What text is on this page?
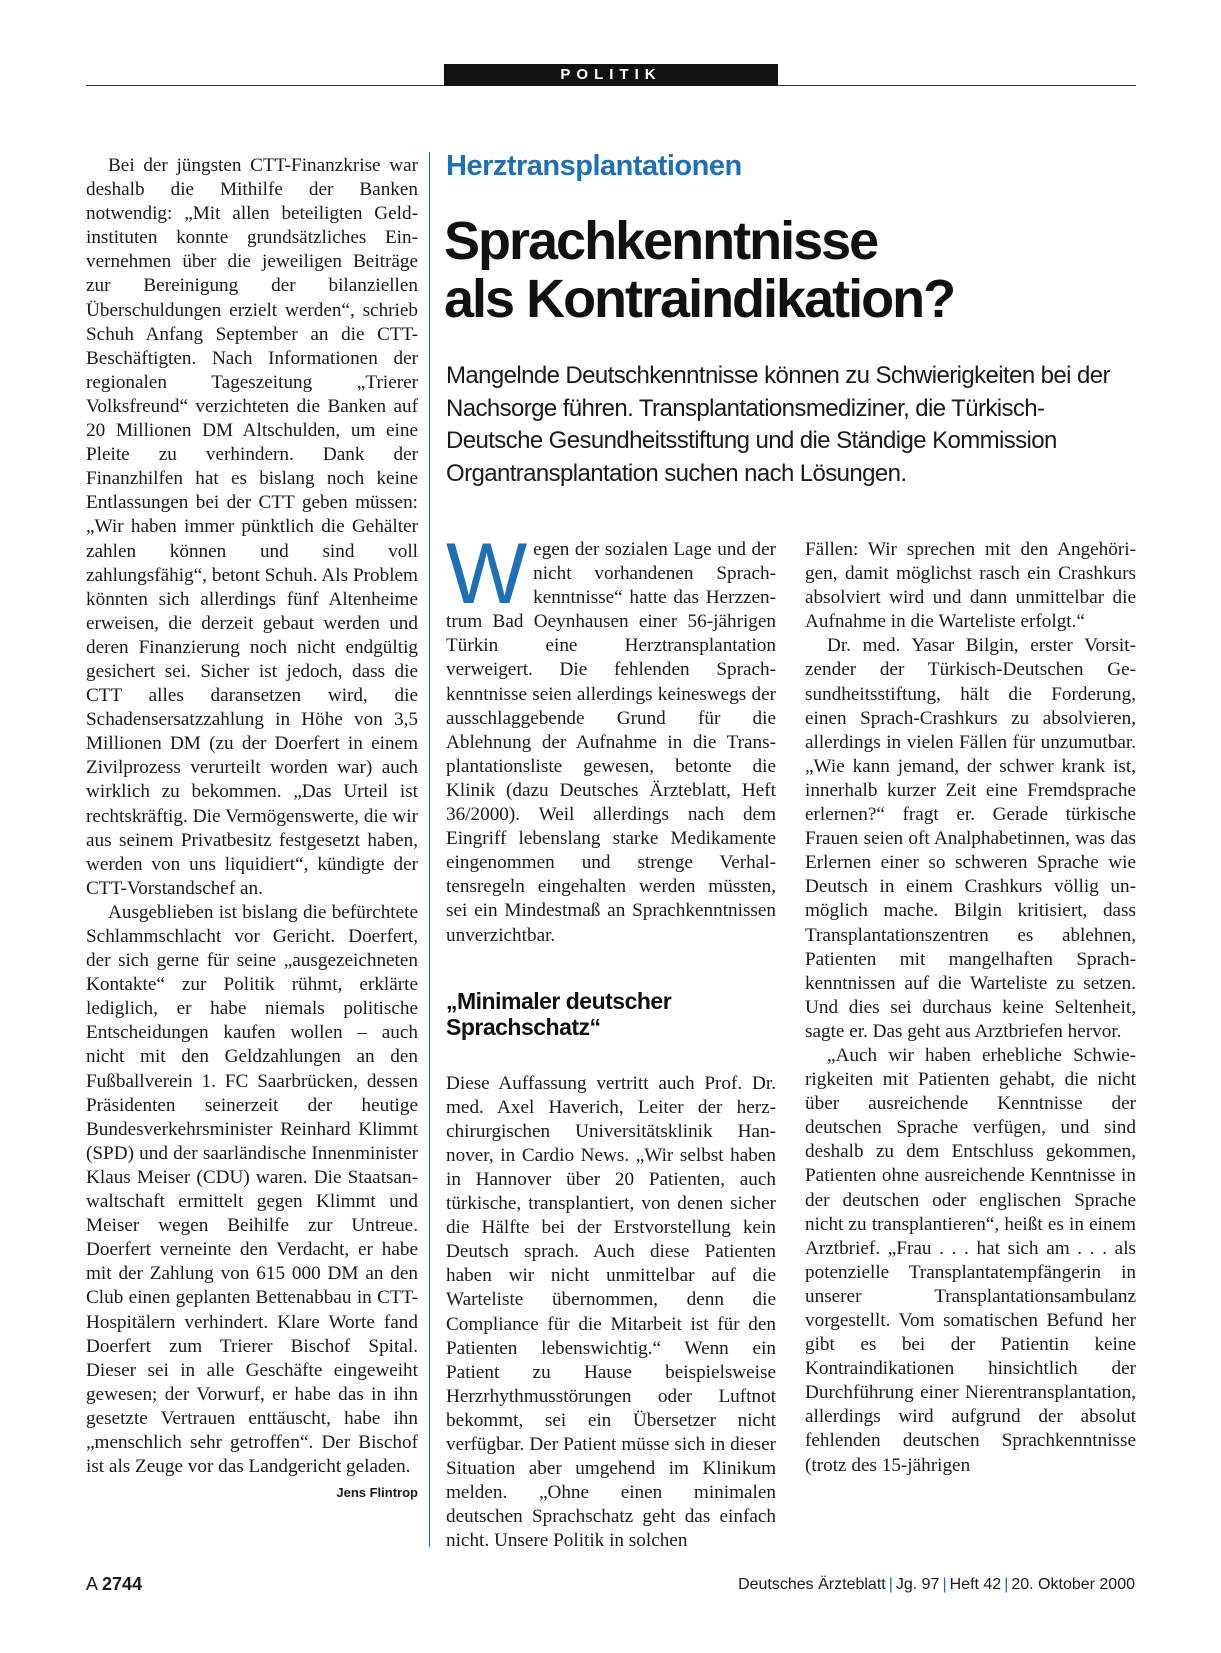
POLITIK

Bei der jüngsten CTT-Finanzkrise war deshalb die Mithilfe der Banken notwendig: „Mit allen beteiligten Geldinstituten konnte grundsätzliches Einvernehmen über die jeweiligen Beiträge zur Bereinigung der bilanziellen Überschuldungen erzielt werden“, schrieb Schuh Anfang September an die CTT-Beschäftigten. Nach Informationen der regionalen Tageszeitung „Trierer Volksfreund“ verzichteten die Banken auf 20 Millionen DM Altschulden, um eine Pleite zu verhindern. Dank der Finanzhilfen hat es bislang noch keine Entlassungen bei der CTT geben müssen: „Wir haben immer pünktlich die Gehälter zahlen können und sind voll zahlungsfähig“, betont Schuh. Als Problem könnten sich allerdings fünf Altenheime erweisen, die derzeit gebaut werden und deren Finanzierung noch nicht endgültig gesichert sei. Sicher ist jedoch, dass die CTT alles daransetzen wird, die Schadensersatzzahlung in Höhe von 3,5 Millionen DM (zu der Doerfert in einem Zivilprozess verurteilt worden war) auch wirklich zu bekommen. „Das Urteil ist rechtskräftig. Die Vermögenswerte, die wir aus seinem Privatbesitz festgesetzt haben, werden von uns liquidiert“, kündigte der CTT-Vorstandschef an.

Ausgeblieben ist bislang die befürchtete Schlammschlacht vor Gericht. Doerfert, der sich gerne für seine „ausgezeichneten Kontakte“ zur Politik rühmt, erklärte lediglich, er habe niemals politische Entscheidungen kaufen wollen – auch nicht mit den Geldzahlungen an den Fußballverein 1. FC Saarbrücken, dessen Präsidenten seinerzeit der heutige Bundesverkehrsminister Reinhard Klimmt (SPD) und der saarländische Innenminister Klaus Meiser (CDU) waren. Die Staatsanwaltschaft ermittelt gegen Klimmt und Meiser wegen Beihilfe zur Untreue. Doerfert verneinte den Verdacht, er habe mit der Zahlung von 615 000 DM an den Club einen geplanten Bettenabbau in CTT-Hospitälern verhindert. Klare Worte fand Doerfert zum Trierer Bischof Spital. Dieser sei in alle Geschäfte eingeweiht gewesen; der Vorwurf, er habe das in ihn gesetzte Vertrauen enttäuscht, habe ihn „menschlich sehr getroffen“. Der Bischof ist als Zeuge vor das Landgericht geladen.
Jens Flintrop

Herztransplantationen
Sprachkenntnisse
als Kontraindikation?

Mangelnde Deutschkenntnisse können zu Schwierigkeiten bei der Nachsorge führen. Transplantationsmediziner, die Türkisch-Deutsche Gesundheitsstiftung und die Ständige Kommission Organtransplantation suchen nach Lösungen.

Wegen der sozialen Lage und der nicht vorhandenen Sprachkenntnisse“ hatte das Herzzentrum Bad Oeynhausen einer 56-jährigen Türkin eine Herztransplantation verweigert. Die fehlenden Sprachkenntnisse seien allerdings keineswegs der ausschlaggebende Grund für die Ablehnung der Aufnahme in die Transplantationsliste gewesen, betonte die Klinik (dazu Deutsches Ärzteblatt, Heft 36/2000). Weil allerdings nach dem Eingriff lebenslang starke Medikamente eingenommen und strenge Verhaltensregeln eingehalten werden müssten, sei ein Mindestmaß an Sprachkenntnissen unverzichtbar.

„Minimaler deutscher Sprachschatz“

Diese Auffassung vertritt auch Prof. Dr. med. Axel Haverich, Leiter der herzchirurgischen Universitätsklinik Hannover, in Cardio News. „Wir selbst haben in Hannover über 20 Patienten, auch türkische, transplantiert, von denen sicher die Hälfte bei der Erstvorstellung kein Deutsch sprach. Auch diese Patienten haben wir nicht unmittelbar auf die Warteliste übernommen, denn die Compliance für die Mitarbeit ist für den Patienten lebenswichtig.“ Wenn ein Patient zu Hause beispielsweise Herzrhythmusstörungen oder Luftnot bekommt, sei ein Übersetzer nicht verfügbar. Der Patient müsse sich in dieser Situation aber umgehend im Klinikum melden. „Ohne einen minimalen deutschen Sprachschatz geht das einfach nicht. Unsere Politik in solchen

Fällen: Wir sprechen mit den Angehörigen, damit möglichst rasch ein Crashkurs absolviert wird und dann unmittelbar die Aufnahme in die Warteliste erfolgt.“

Dr. med. Yasar Bilgin, erster Vorsitzender der Türkisch-Deutschen Gesundheitsstiftung, hält die Forderung, einen Sprach-Crashkurs zu absolvieren, allerdings in vielen Fällen für unzumutbar. „Wie kann jemand, der schwer krank ist, innerhalb kurzer Zeit eine Fremdsprache erlernen?“ fragt er. Gerade türkische Frauen seien oft Analphabetinnen, was das Erlernen einer so schweren Sprache wie Deutsch in einem Crashkurs völlig unmöglich mache. Bilgin kritisiert, dass Transplantationszentren es ablehnen, Patienten mit mangelhaften Sprachkenntnissen auf die Warteliste zu setzen. Und dies sei durchaus keine Seltenheit, sagte er. Das geht aus Arztbriefen hervor.

„Auch wir haben erhebliche Schwierigkeiten mit Patienten gehabt, die nicht über ausreichende Kenntnisse der deutschen Sprache verfügen, und sind deshalb zu dem Entschluss gekommen, Patienten ohne ausreichende Kenntnisse in der deutschen oder englischen Sprache nicht zu transplantieren“, heißt es in einem Arztbrief. „Frau . . . hat sich am . . . als potenzielle Transplantatempfängerin in unserer Transplantationsambulanz vorgestellt. Vom somatischen Befund her gibt es bei der Patientin keine Kontraindikationen hinsichtlich der Durchführung einer Nierentransplantation, allerdings wird aufgrund der absolut fehlenden deutschen Sprachkenntnisse (trotz des 15-jährigen

A 2744	Deutsches Ärzteblatt | Jg. 97 | Heft 42 | 20. Oktober 2000
